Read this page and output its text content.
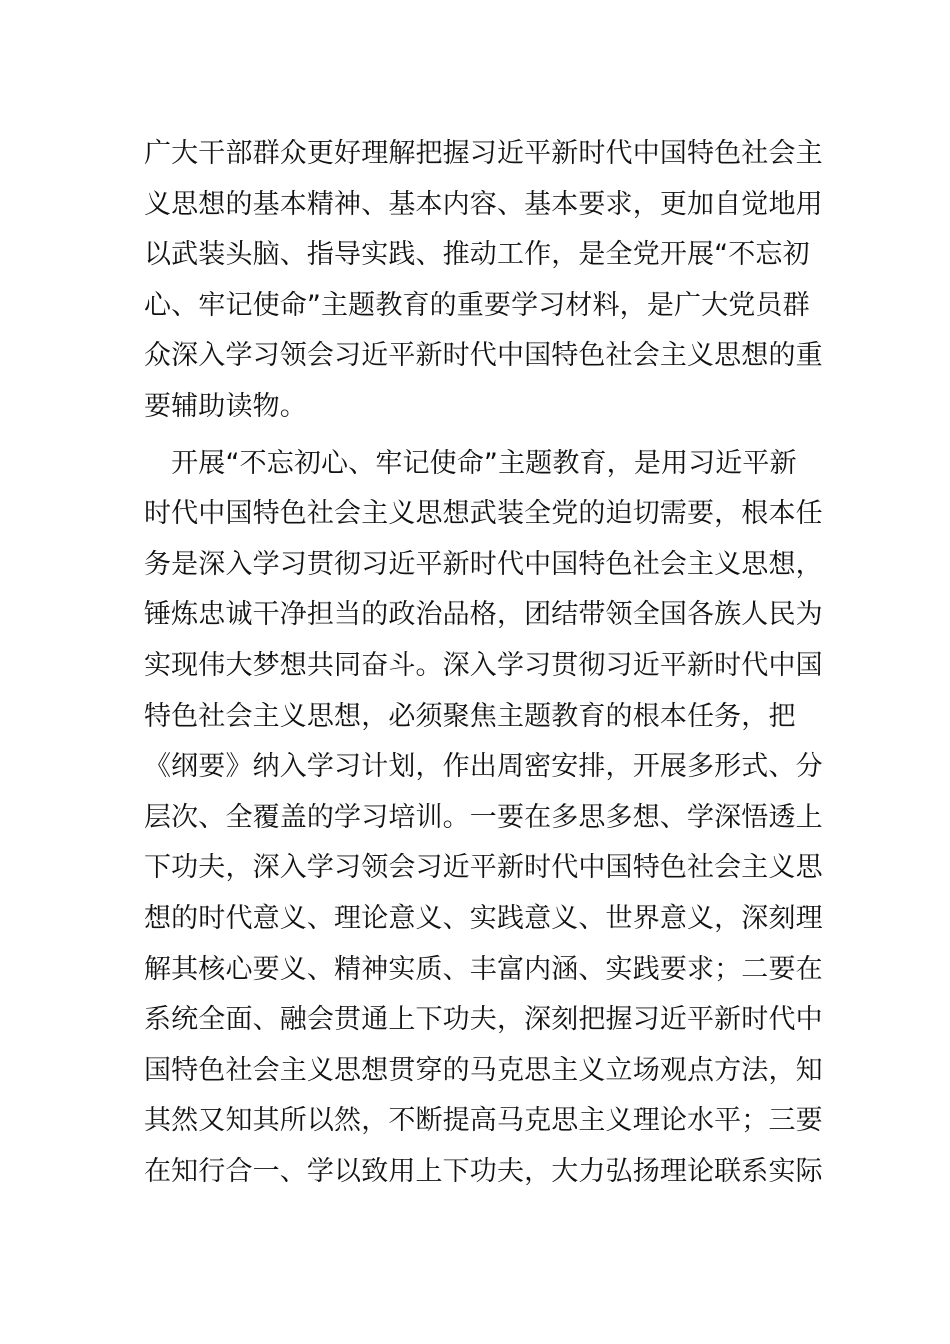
广大干部群众更好理解把握习近平新时代中国特色社会主
义思想的基本精神、基本内容、基本要求，更加自觉地用
以武装头脑、指导实践、推动工作，是全党开展“不忘初
心、牢记使命”主题教育的重要学习材料，是广大党员群
众深入学习领会习近平新时代中国特色社会主义思想的重
要辅助读物。
　开展“不忘初心、牢记使命”主题教育，是用习近平新
时代中国特色社会主义思想武装全党的迫切需要，根本任
务是深入学习贯彻习近平新时代中国特色社会主义思想，
锤炼忠诚干净担当的政治品格，团结带领全国各族人民为
实现伟大梦想共同奋斗。深入学习贯彻习近平新时代中国
特色社会主义思想，必须聚焦主题教育的根本任务，把
《纲要》纳入学习计划，作出周密安排，开展多形式、分
层次、全覆盖的学习培训。一要在多思多想、学深悟透上
下功夫，深入学习领会习近平新时代中国特色社会主义思
想的时代意义、理论意义、实践意义、世界意义，深刻理
解其核心要义、精神实质、丰富内涵、实践要求；二要在
系统全面、融会贯通上下功夫，深刻把握习近平新时代中
国特色社会主义思想贯穿的马克思主义立场观点方法，知
其然又知其所以然，不断提高马克思主义理论水平；三要
在知行合一、学以致用上下功夫，大力弘扬理论联系实际
